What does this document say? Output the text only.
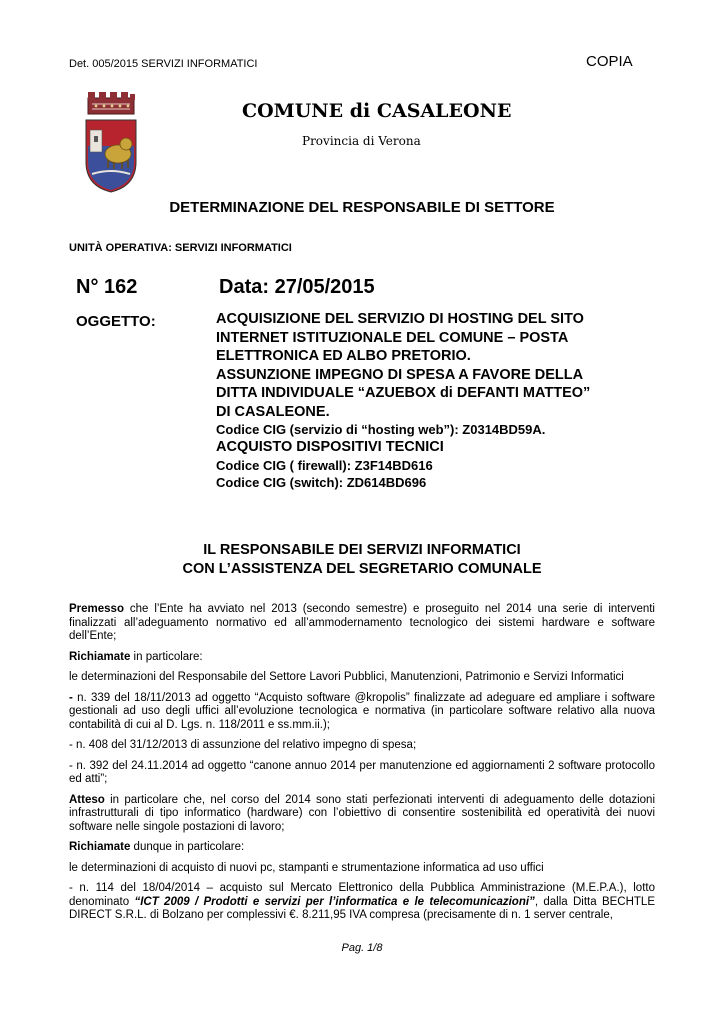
Det. 005/2015 SERVIZI INFORMATICI	COPIA
COMUNE di CASALEONE
Provincia di Verona
DETERMINAZIONE DEL RESPONSABILE DI SETTORE
UNITÀ OPERATIVA: SERVIZI INFORMATICI
N° 162	Data: 27/05/2015
OGGETTO:	ACQUISIZIONE DEL SERVIZIO DI HOSTING DEL SITO
INTERNET ISTITUZIONALE DEL COMUNE – POSTA
ELETTRONICA ED ALBO PRETORIO.
ASSUNZIONE IMPEGNO DI SPESA A FAVORE DELLA
DITTA INDIVIDUALE “AZUEBOX di DEFANTI MATTEO”
DI CASALEONE.
Codice CIG (servizio di “hosting web”): Z0314BD59A.
ACQUISTO DISPOSITIVI TECNICI
Codice CIG ( firewall): Z3F14BD616
Codice CIG (switch): ZD614BD696
IL RESPONSABILE DEI SERVIZI INFORMATICI
CON L’ASSISTENZA DEL SEGRETARIO COMUNALE

Premesso che l’Ente ha avviato nel 2013 (secondo semestre) e proseguito nel 2014 una serie di interventi finalizzati all’adeguamento normativo ed all’ammodernamento tecnologico dei sistemi hardware e software dell’Ente;

Richiamate in particolare:

le determinazioni del Responsabile del Settore Lavori Pubblici, Manutenzioni, Patrimonio e Servizi Informatici

- n. 339 del 18/11/2013 ad oggetto “Acquisto software @kropolis” finalizzate ad adeguare ed ampliare i software gestionali ad uso degli uffici all’evoluzione tecnologica e normativa (in particolare software relativo alla nuova contabilità di cui al D. Lgs. n. 118/2011 e ss.mm.ii.);

- n. 408 del 31/12/2013 di assunzione del relativo impegno di spesa;

- n. 392 del 24.11.2014 ad oggetto “canone annuo 2014 per manutenzione ed aggiornamenti 2 software protocollo ed atti”;

Atteso in particolare che, nel corso del 2014 sono stati perfezionati interventi di adeguamento delle dotazioni infrastrutturali di tipo informatico (hardware) con l’obiettivo di consentire sostenibilità ed operatività dei nuovi software nelle singole postazioni di lavoro;

Richiamate dunque in particolare:

le determinazioni di acquisto di nuovi pc, stampanti e strumentazione informatica ad uso uffici

- n. 114 del 18/04/2014 – acquisto sul Mercato Elettronico della Pubblica Amministrazione (M.E.P.A.), lotto denominato “ICT 2009 / Prodotti e servizi per l’informatica e le telecomunicazioni”, dalla Ditta BECHTLE DIRECT S.R.L. di Bolzano per complessivi €. 8.211,95 IVA compresa (precisamente di n. 1 server centrale,

Pag. 1/8
